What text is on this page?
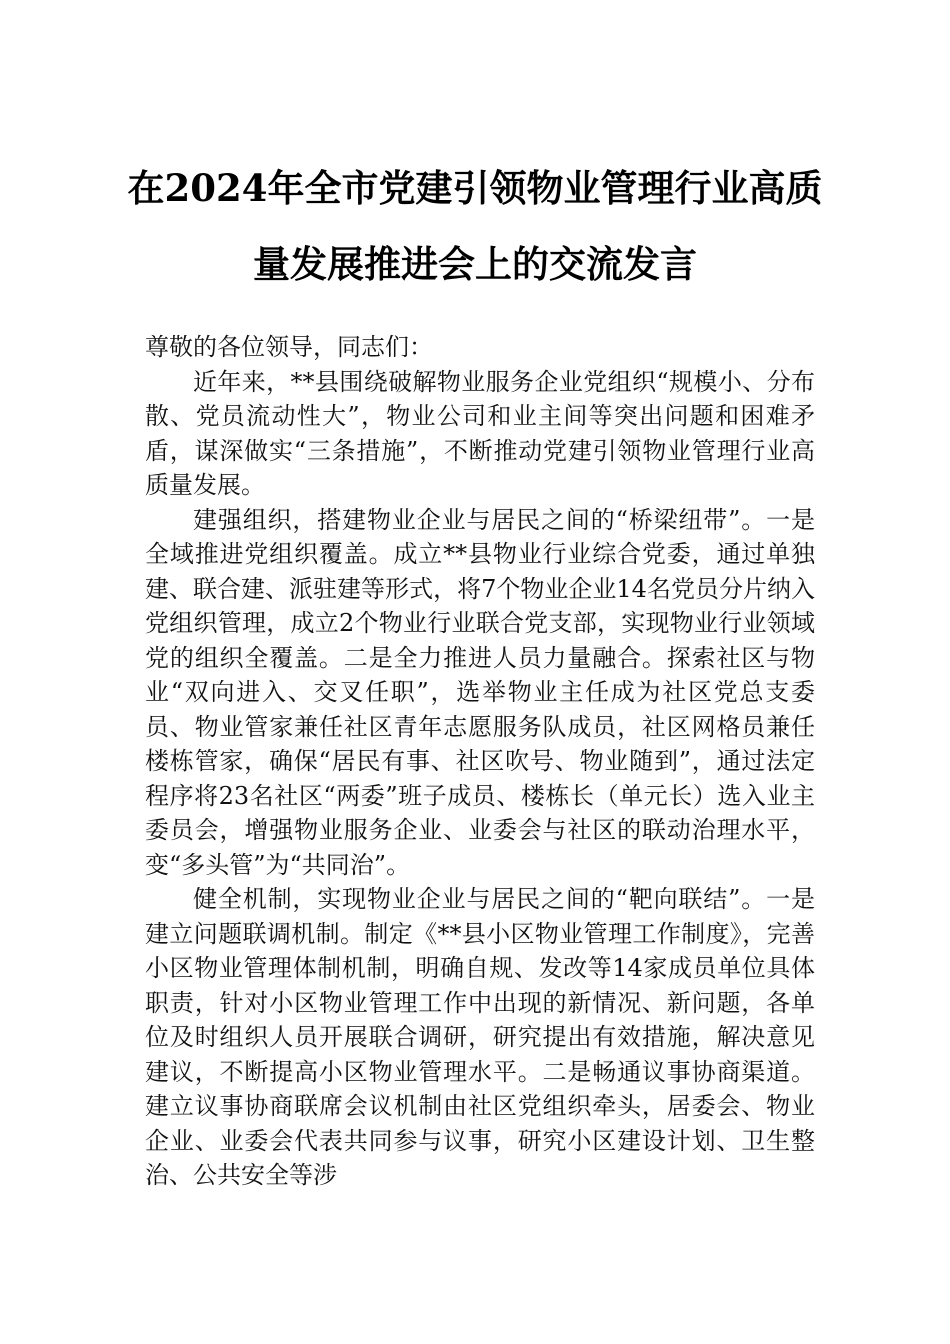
在2024年全市党建引领物业管理行业高质
量发展推进会上的交流发言

尊敬的各位领导，同志们：

近年来，**县围绕破解物业服务企业党组织“规模小、分布散、党员流动性大”，物业公司和业主间等突出问题和困难矛盾，谋深做实“三条措施”，不断推动党建引领物业管理行业高质量发展。

建强组织，搭建物业企业与居民之间的“桥梁纽带”。一是全域推进党组织覆盖。成立**县物业行业综合党委，通过单独建、联合建、派驻建等形式，将7个物业企业14名党员分片纳入党组织管理，成立2个物业行业联合党支部，实现物业行业领域党的组织全覆盖。二是全力推进人员力量融合。探索社区与物业“双向进入、交叉任职”，选举物业主任成为社区党总支委员、物业管家兼任社区青年志愿服务队成员，社区网格员兼任楼栋管家，确保“居民有事、社区吹号、物业随到”，通过法定程序将23名社区“两委”班子成员、楼栋长（单元长）选入业主委员会，增强物业服务企业、业委会与社区的联动治理水平，变“多头管”为“共同治”。

健全机制，实现物业企业与居民之间的“靶向联结”。一是建立问题联调机制。制定《**县小区物业管理工作制度》，完善小区物业管理体制机制，明确自规、发改等14家成员单位具体职责，针对小区物业管理工作中出现的新情况、新问题，各单位及时组织人员开展联合调研，研究提出有效措施，解决意见建议，不断提高小区物业管理水平。二是畅通议事协商渠道。建立议事协商联席会议机制由社区党组织牵头，居委会、物业企业、业委会代表共同参与议事，研究小区建设计划、卫生整治、公共安全等涉
